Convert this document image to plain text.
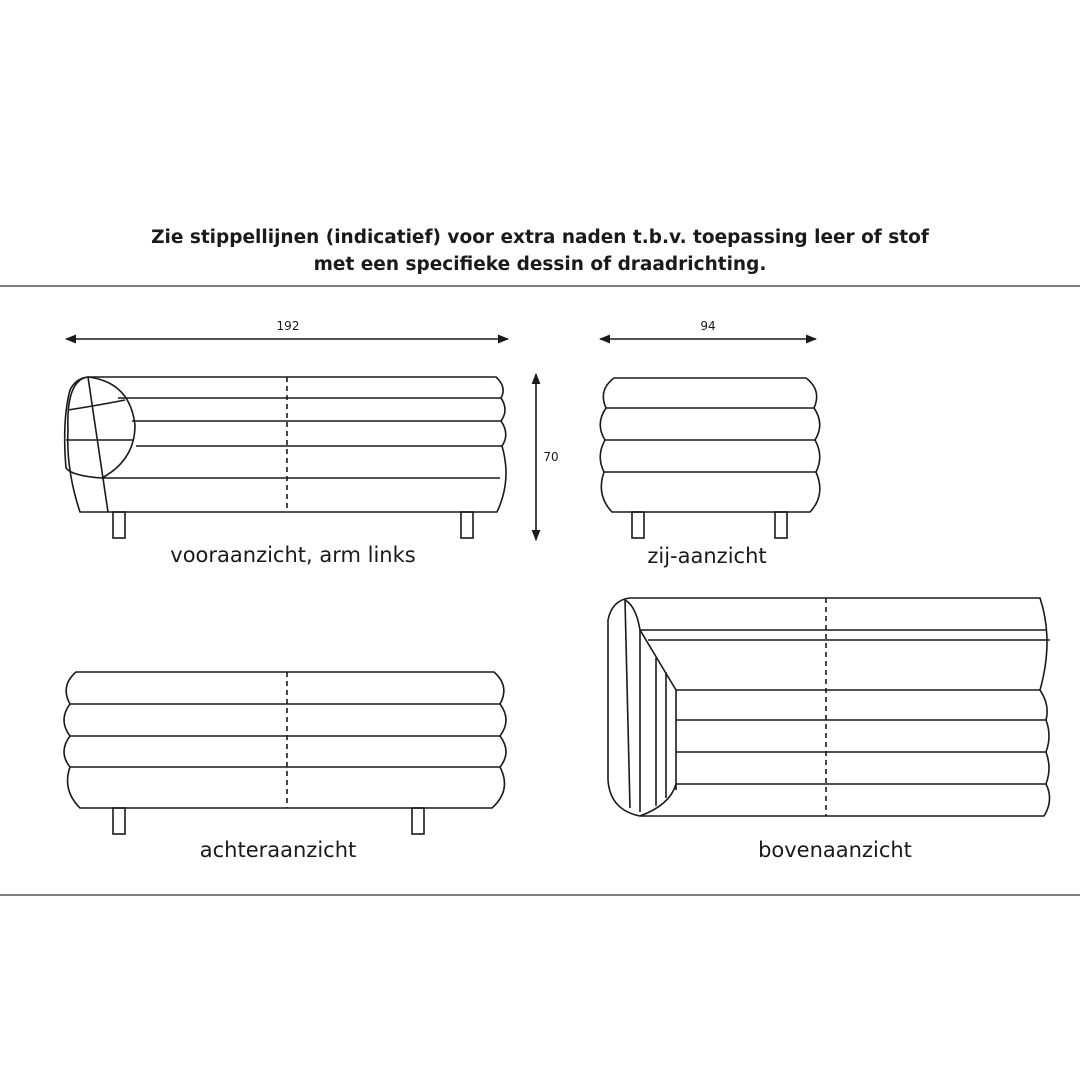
Zie stippellijnen (indicatief) voor extra naden t.b.v. toepassing leer of stof
met een specifieke dessin of draadrichting.
192
70
vooraanzicht, arm links
94
zij-aanzicht
achteraanzicht	bovenaanzicht
